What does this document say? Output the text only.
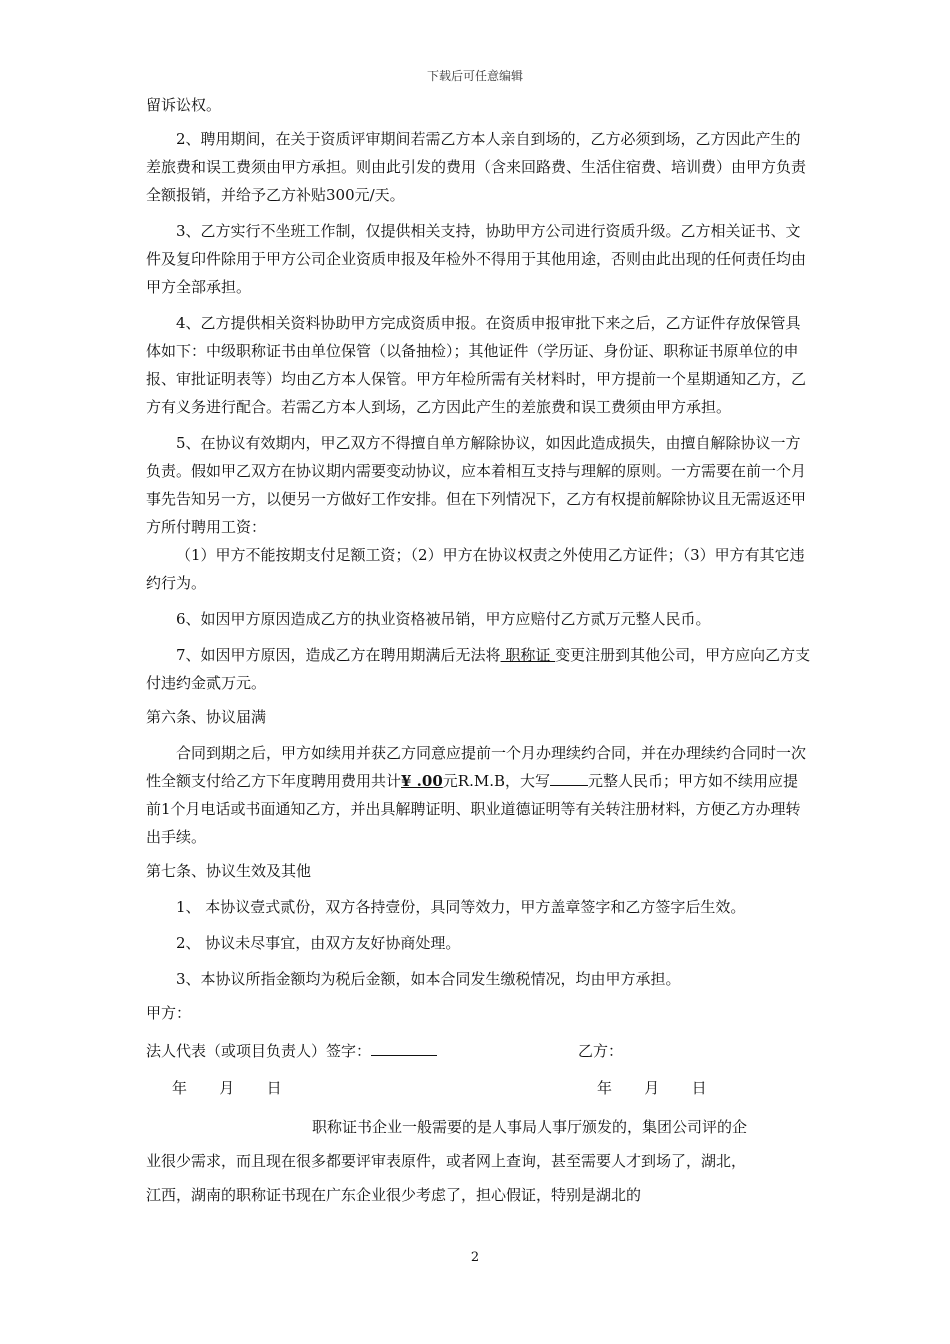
下载后可任意编辑

留诉讼权。

2、聘用期间，在关于资质评审期间若需乙方本人亲自到场的，乙方必须到场，乙方因此产生的差旅费和误工费须由甲方承担。则由此引发的费用（含来回路费、生活住宿费、培训费）由甲方负责全额报销，并给予乙方补贴300元/天。

3、乙方实行不坐班工作制，仅提供相关支持，协助甲方公司进行资质升级。乙方相关证书、文件及复印件除用于甲方公司企业资质申报及年检外不得用于其他用途，否则由此出现的任何责任均由甲方全部承担。

4、乙方提供相关资料协助甲方完成资质申报。在资质申报审批下来之后，乙方证件存放保管具体如下：中级职称证书由单位保管（以备抽检）；其他证件（学历证、身份证、职称证书原单位的申报、审批证明表等）均由乙方本人保管。甲方年检所需有关材料时，甲方提前一个星期通知乙方，乙方有义务进行配合。若需乙方本人到场，乙方因此产生的差旅费和误工费须由甲方承担。

5、在协议有效期内，甲乙双方不得擅自单方解除协议，如因此造成损失，由擅自解除协议一方负责。假如甲乙双方在协议期内需要变动协议，应本着相互支持与理解的原则。一方需要在前一个月事先告知另一方，以便另一方做好工作安排。但在下列情况下，乙方有权提前解除协议且无需返还甲方所付聘用工资：

（1）甲方不能按期支付足额工资；（2）甲方在协议权责之外使用乙方证件；（3）甲方有其它违约行为。

6、如因甲方原因造成乙方的执业资格被吊销，甲方应赔付乙方贰万元整人民币。

7、如因甲方原因，造成乙方在聘用期满后无法将 职称证 变更注册到其他公司，甲方应向乙方支付违约金贰万元。

第六条、协议届满

合同到期之后，甲方如续用并获乙方同意应提前一个月办理续约合同，并在办理续约合同时一次性全额支付给乙方下年度聘用费用共计¥ .00元R.M.B，大写	元整人民币；甲方如不续用应提前1个月电话或书面通知乙方，并出具解聘证明、职业道德证明等有关转注册材料，方便乙方办理转出手续。

第七条、协议生效及其他

1、 本协议壹式贰份，双方各持壹份，具同等效力，甲方盖章签字和乙方签字后生效。

2、 协议未尽事宜，由双方友好协商处理。

3、本协议所指金额均为税后金额，如本合同发生缴税情况，均由甲方承担。

甲方：
法人代表（或项目负责人）签字：	乙方：
年   月   日	年   月   日

职称证书企业一般需要的是人事局人事厅颁发的，集团公司评的企

业很少需求，而且现在很多都要评审表原件，或者网上查询，甚至需要人才到场了，湖北，

江西，湖南的职称证书现在广东企业很少考虑了，担心假证，特别是湖北的

2
